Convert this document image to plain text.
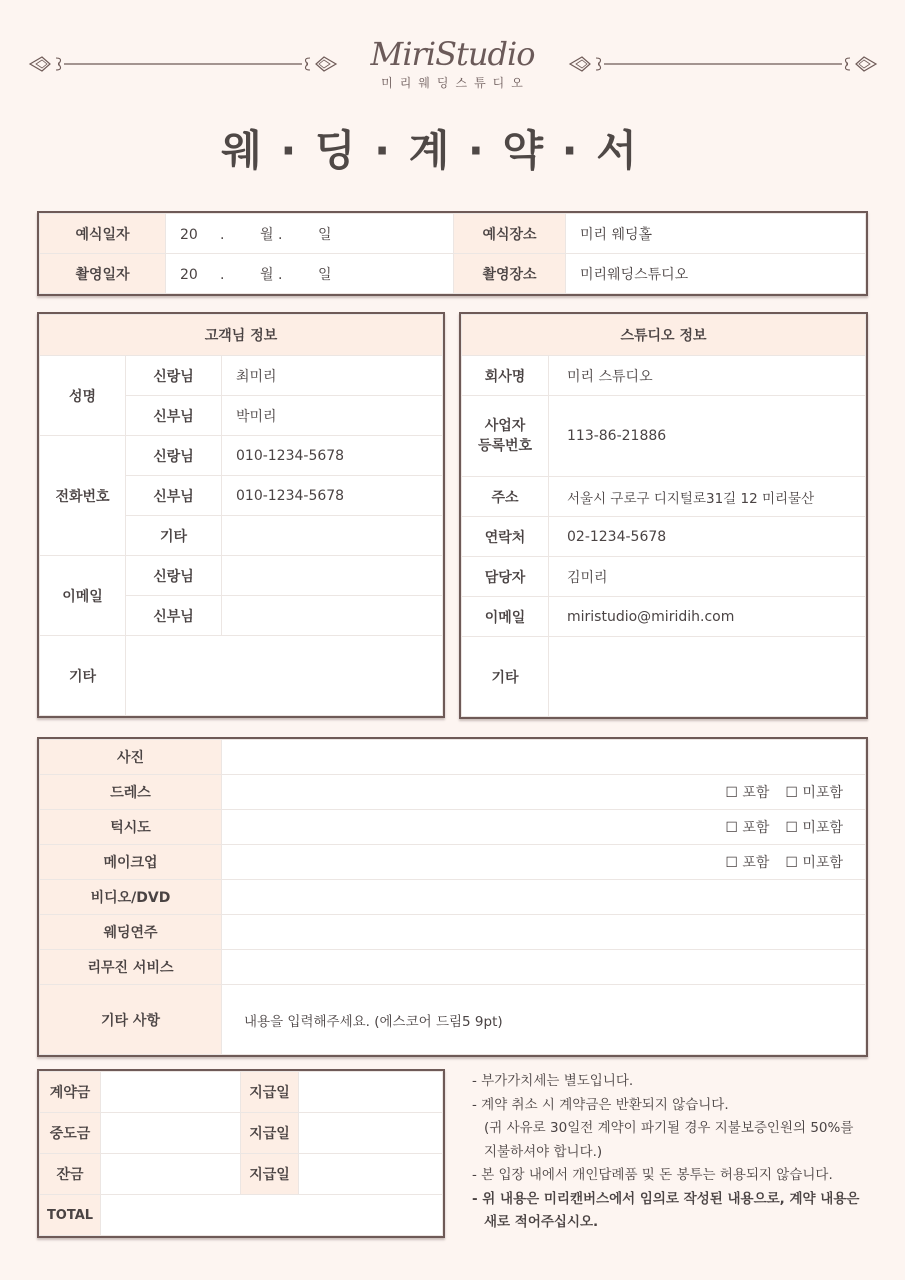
MiriStudio
미리웨딩스튜디오
웨 · 딩 · 계 · 약 · 서
예식일자	20 . 월 . 일	예식장소	미리 웨딩홀
촬영일자	20 . 월 . 일	촬영장소	미리웨딩스튜디오
고객님 정보		
성명	신랑님	최미리
	신부님	박미리
전화번호	신랑님	010-1234-5678
	신부님	010-1234-5678
	기타	
이메일	신랑님	
	신부님	
기타		
스튜디오 정보	
회사명	미리 스튜디오

사업자
등록번호	113-86-21886
주소	서울시 구로구 디지털로31길 12 미리물산
연락처	02-1234-5678
담당자	김미리
이메일	miristudio@miridih.com
기타	
사진	
드레스	☐ 포함 ☐ 미포함
턱시도	☐ 포함 ☐ 미포함
메이크업	☐ 포함 ☐ 미포함
비디오/DVD	
웨딩연주	
리무진 서비스	
기타 사항	내용을 입력해주세요. (에스코어 드림5 9pt)
계약금		지급일	
중도금		지급일	
잔금		지급일	
TOTAL			
- 부가가치세는 별도입니다.
- 계약 취소 시 계약금은 반환되지 않습니다.
(귀 사유로 30일전 계약이 파기될 경우 지불보증인원의 50%를
지불하셔야 합니다.)
- 본 입장 내에서 개인답례품 및 돈 봉투는 허용되지 않습니다.
- 위 내용은 미리캔버스에서 임의로 작성된 내용으로, 계약 내용은
새로 적어주십시오.
